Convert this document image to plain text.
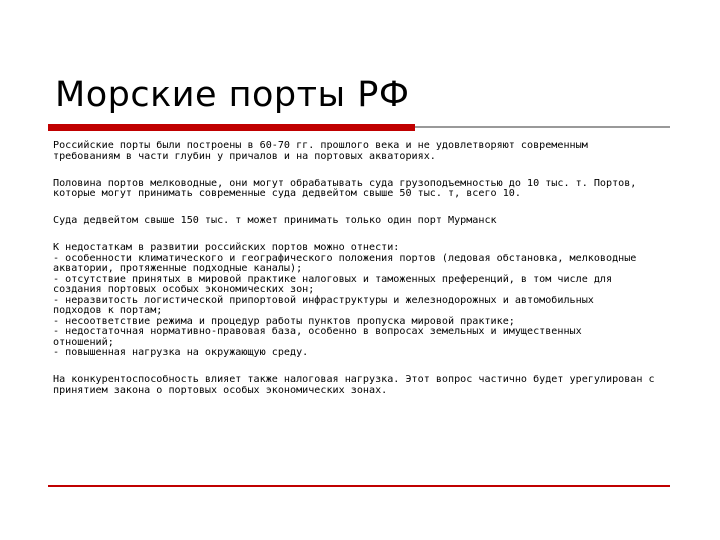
Морские порты РФ

Российские порты были построены в 60-70 гг. прошлого века и не удовлетворяют современным
требованиям в части глубин у причалов и на портовых акваториях.

Половина портов мелководные, они могут обрабатывать суда грузоподъемностью до 10 тыс. т. Портов,
которые могут принимать современные суда дедвейтом свыше 50 тыс. т, всего 10.

Суда дедвейтом свыше 150 тыс. т может принимать только один порт Мурманск

К недостаткам в развитии российских портов можно отнести:
- особенности климатического и географического положения портов (ледовая обстановка, мелководные
акватории, протяженные подходные каналы);
- отсутствие принятых в мировой практике налоговых и таможенных преференций, в том числе для
создания портовых особых экономических зон;
- неразвитость логистической припортовой инфраструктуры и железнодорожных и автомобильных
подходов к портам;
- несоответствие режима и процедур работы пунктов пропуска мировой практике;
- недостаточная нормативно-правовая база, особенно в вопросах земельных и имущественных
отношений;
- повышенная нагрузка на окружающую среду.

На конкурентоспособность влияет также налоговая нагрузка. Этот вопрос частично будет урегулирован с
принятием закона о портовых особых экономических зонах.
